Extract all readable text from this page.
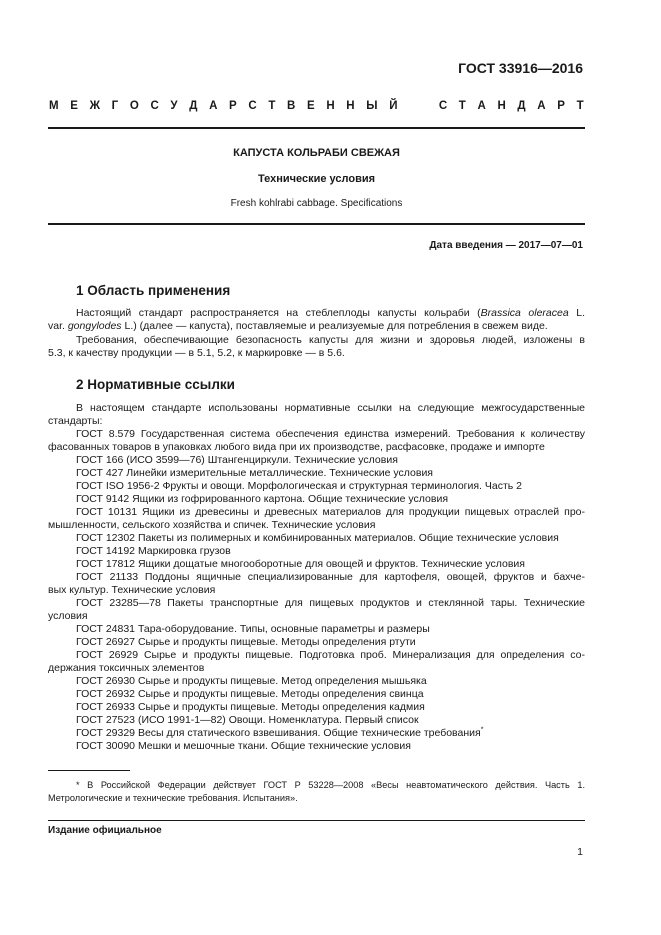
ГОСТ 33916—2016
М Е Ж Г О С У Д А Р С Т В Е Н Н Ы Й

	С Т А Н Д А Р Т
КАПУСТА КОЛЬРАБИ СВЕЖАЯ
Технические условия
Fresh kohlrabi cabbage. Specifications
Дата введения — 2017—07—01
1 Область применения

Настоящий стандарт распространяется на стеблеплоды капусты кольраби (Brassica oleracea L.

var. gongylodes L.) (далее — капуста), поставляемые и реализуемые для потребления в свежем виде.

Требования, обеспечивающие безопасность капусты для жизни и здоровья людей, изложены в

5.3, к качеству продукции — в 5.1, 5.2, к маркировке — в 5.6.

2 Нормативные ссылки

В настоящем стандарте использованы нормативные ссылки на следующие межгосударственные

стандарты:

ГОСТ 8.579 Государственная система обеспечения единства измерений. Требования к количеству

фасованных товаров в упаковках любого вида при их производстве, расфасовке, продаже и импорте

ГОСТ 166 (ИСО 3599—76) Штангенциркули. Технические условия

ГОСТ 427 Линейки измерительные металлические. Технические условия

ГОСТ ISO 1956-2 Фрукты и овощи. Морфологическая и структурная терминология. Часть 2

ГОСТ 9142 Ящики из гофрированного картона. Общие технические условия

ГОСТ 10131 Ящики из древесины и древесных материалов для продукции пищевых отраслей про-

мышленности, сельского хозяйства и спичек. Технические условия

ГОСТ 12302 Пакеты из полимерных и комбинированных материалов. Общие технические условия

ГОСТ 14192 Маркировка грузов

ГОСТ 17812 Ящики дощатые многооборотные для овощей и фруктов. Технические условия

ГОСТ 21133 Поддоны ящичные специализированные для картофеля, овощей, фруктов и бахче-

вых культур. Технические условия

ГОСТ 23285—78 Пакеты транспортные для пищевых продуктов и стеклянной тары. Технические

условия

ГОСТ 24831 Тара-оборудование. Типы, основные параметры и размеры

ГОСТ 26927 Сырье и продукты пищевые. Методы определения ртути

ГОСТ 26929 Сырье и продукты пищевые. Подготовка проб. Минерализация для определения со-

держания токсичных элементов

ГОСТ 26930 Сырье и продукты пищевые. Метод определения мышьяка

ГОСТ 26932 Сырье и продукты пищевые. Методы определения свинца

ГОСТ 26933 Сырье и продукты пищевые. Методы определения кадмия

ГОСТ 27523 (ИСО 1991-1—82) Овощи. Номенклатура. Первый список

ГОСТ 29329 Весы для статического взвешивания. Общие технические требования*

ГОСТ 30090 Мешки и мешочные ткани. Общие технические условия

* В Российской Федерации действует ГОСТ Р 53228—2008 «Весы неавтоматического действия. Часть 1.

Метрологические и технические требования. Испытания».

Издание официальное
1
